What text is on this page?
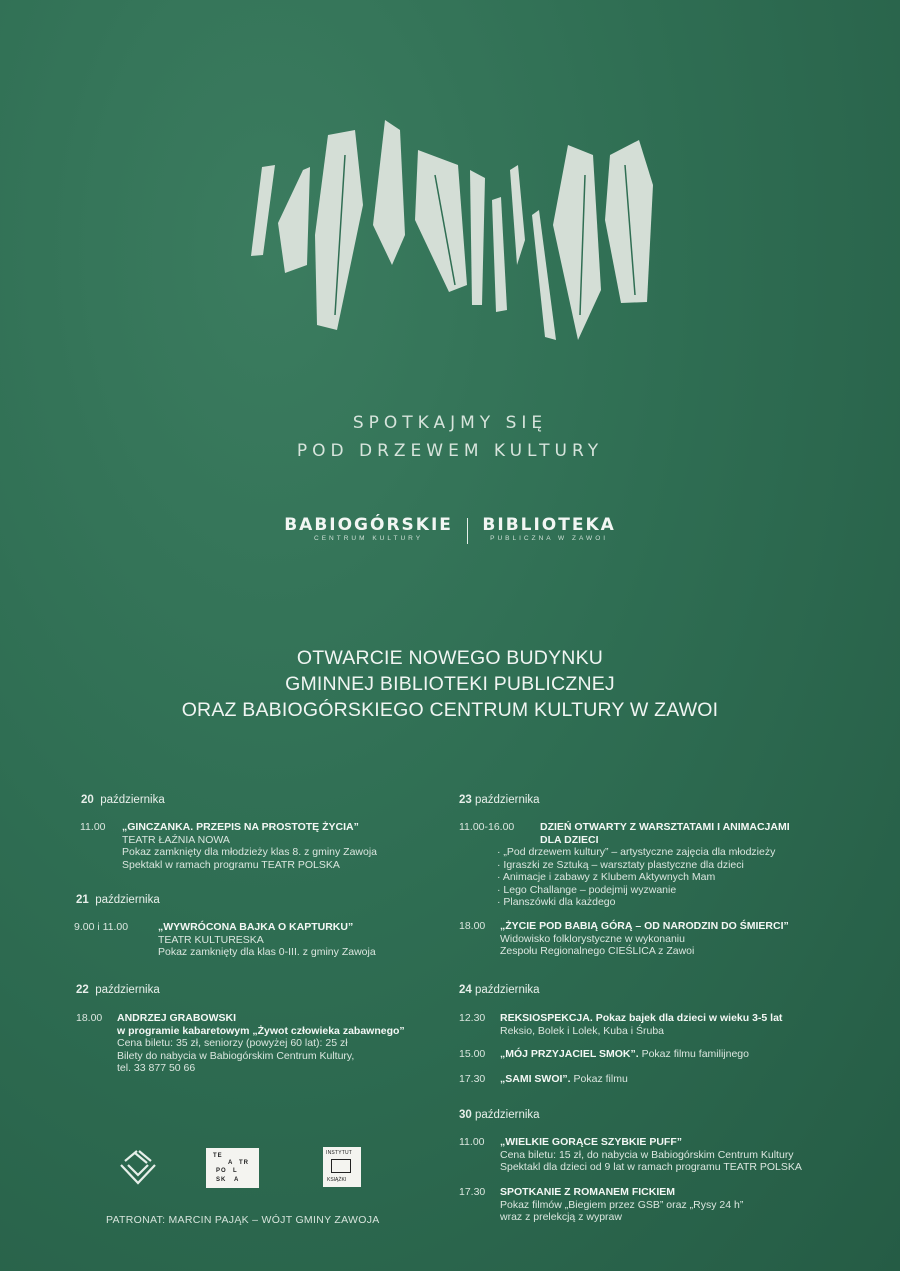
SPOTKAJMY SIĘ
POD DRZEWEM KULTURY
BABIOGÓRSKIE
CENTRUM KULTURY
BIBLIOTEKA
PUBLICZNA W ZAWOI
OTWARCIE NOWEGO BUDYNKU
GMINNEJ BIBLIOTEKI PUBLICZNEJ
ORAZ BABIOGÓRSKIEGO CENTRUM KULTURY W ZAWOI
20 października
11.00 „GINCZANKA. PRZEPIS NA PROSTOTĘ ŻYCIA”
TEATR ŁAŹNIA NOWA
Pokaz zamknięty dla młodzieży klas 8. z gminy Zawoja
Spektakl w ramach programu TEATR POLSKA
21 października
9.00 i 11.00	„WYWRÓCONA BAJKA O KAPTURKU”
TEATR KULTURESKA
Pokaz zamknięty dla klas 0-III. z gminy Zawoja
22 października
18.00 ANDRZEJ GRABOWSKI
w programie kabaretowym „Żywot człowieka zabawnego”
Cena biletu: 35 zł, seniorzy (powyżej 60 lat): 25 zł
Bilety do nabycia w Babiogórskim Centrum Kultury,
tel. 33 877 50 66
23 października
11.00-16.00 DZIEŃ OTWARTY Z WARSZTATAMI I ANIMACJAMI
DLA DZIECI
· „Pod drzewem kultury” – artystyczne zajęcia dla młodzieży
· Igraszki ze Sztuką – warsztaty plastyczne dla dzieci
· Animacje i zabawy z Klubem Aktywnych Mam
· Lego Challange – podejmij wyzwanie
· Planszówki dla każdego
18.00 „ŻYCIE POD BABIĄ GÓRĄ – OD NARODZIN DO ŚMIERCI”
Widowisko folklorystyczne w wykonaniu
Zespołu Regionalnego CIEŚLICA z Zawoi
24 października
12.30 REKSIOSPEKCJA. Pokaz bajek dla dzieci w wieku 3-5 lat
Reksio, Bolek i Lolek, Kuba i Śruba
15.00 „MÓJ PRZYJACIEL SMOK”. Pokaz filmu familijnego
17.30 „SAMI SWOI”. Pokaz filmu
30 października
11.00 „WIELKIE GORĄCE SZYBKIE PUFF”
Cena biletu: 15 zł, do nabycia w Babiogórskim Centrum Kultury
Spektakl dla dzieci od 9 lat w ramach programu TEATR POLSKA
17.30 SPOTKANIE Z ROMANEM FICKIEM
Pokaz filmów „Biegiem przez GSB” oraz „Rysy 24 h”
wraz z prelekcją z wypraw
TE
A TR
PO L
SK A
INSTYTUT
KSIĄŻKI
PATRONAT: MARCIN PAJĄK – WÓJT GMINY ZAWOJA
